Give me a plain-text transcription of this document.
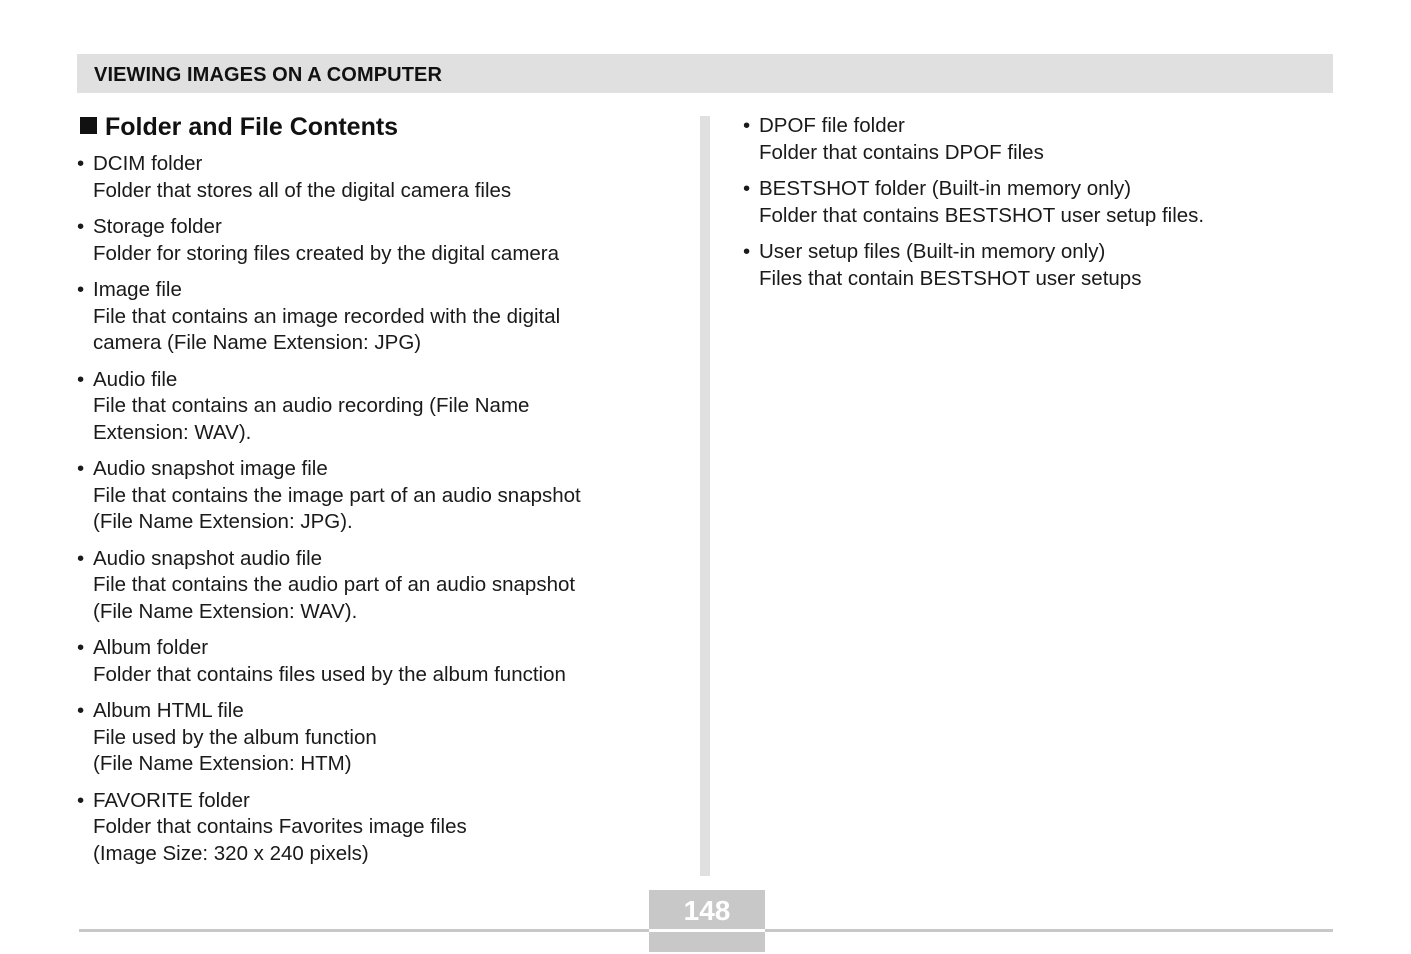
VIEWING IMAGES ON A COMPUTER
Folder and File Contents
• DCIM folder
Folder that stores all of the digital camera files
• Storage folder
Folder for storing files created by the digital camera
• Image file
File that contains an image recorded with the digital
camera (File Name Extension: JPG)
• Audio file
File that contains an audio recording (File Name
Extension: WAV).
• Audio snapshot image file
File that contains the image part of an audio snapshot
(File Name Extension: JPG).
• Audio snapshot audio file
File that contains the audio part of an audio snapshot
(File Name Extension: WAV).
• Album folder
Folder that contains files used by the album function
• Album HTML file
File used by the album function
(File Name Extension: HTM)
• FAVORITE folder
Folder that contains Favorites image files
(Image Size: 320 x 240 pixels)
• DPOF file folder
Folder that contains DPOF files
• BESTSHOT folder (Built-in memory only)
Folder that contains BESTSHOT user setup files.
• User setup files (Built-in memory only)
Files that contain BESTSHOT user setups
148
